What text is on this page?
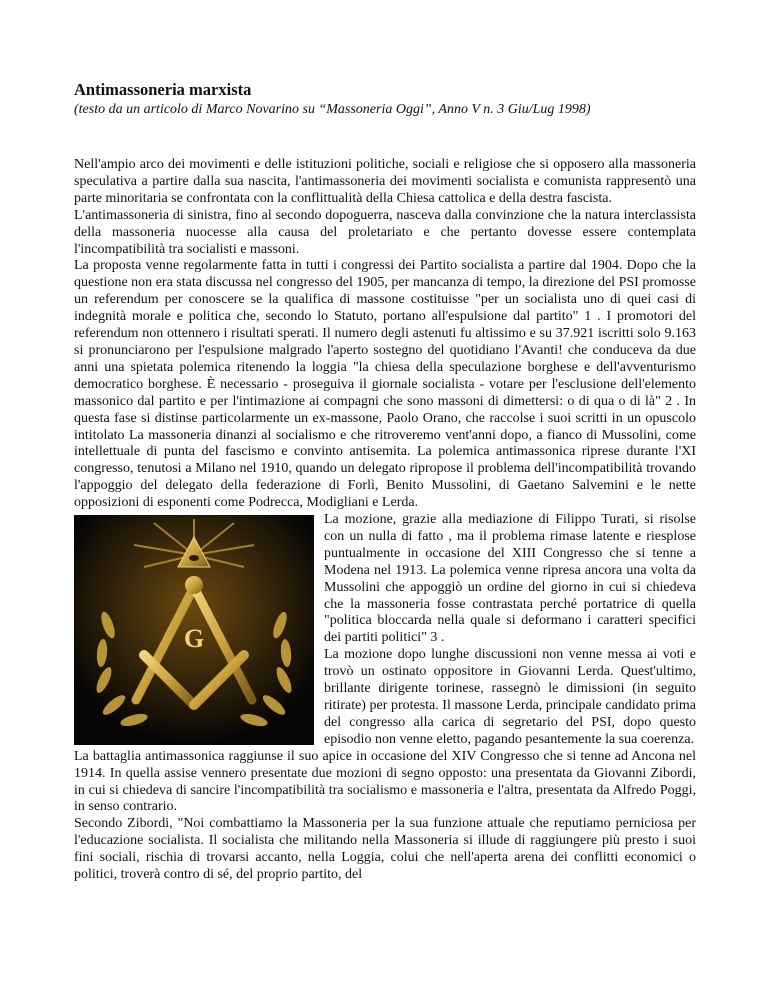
Antimassoneria marxista

(testo da un articolo di Marco Novarino su “Massoneria Oggi”, Anno V n. 3 Giu/Lug 1998)

Nell'ampio arco dei movimenti e delle istituzioni politiche, sociali e religiose che si opposero alla massoneria speculativa a partire dalla sua nascita, l'antimassoneria dei movimenti socialista e comunista rappresentò una parte minoritaria se confrontata con la conflittualità della Chiesa cattolica e della destra fascista.

L'antimassoneria di sinistra, fino al secondo dopoguerra, nasceva dalla convinzione che la natura interclassista della massoneria nuocesse alla causa del proletariato e che pertanto dovesse essere contemplata l'incompatibilità tra socialisti e massoni.

La proposta venne regolarmente fatta in tutti i congressi dei Partito socialista a partire dal 1904. Dopo che la questione non era stata discussa nel congresso del 1905, per mancanza di tempo, la direzione del PSI promosse un referendum per conoscere se la qualifica di massone costituisse "per un socialista uno di quei casi di indegnità morale e politica che, secondo lo Statuto, portano all'espulsione dal partito" 1 . I promotori del referendum non ottennero i risultati sperati. Il numero degli astenuti fu altissimo e su 37.921 iscritti solo 9.163 si pronunciarono per l'espulsione malgrado l'aperto sostegno del quotidiano l'Avanti! che conduceva da due anni una spietata polemica ritenendo la loggia "la chiesa della speculazione borghese e dell'avventurismo democratico borghese. È necessario - proseguiva il giornale socialista - votare per l'esclusione dell'elemento massonico dal partito e per l'intimazione ai compagni che sono massoni di dimettersi: o di qua o di là" 2 . In questa fase si distinse particolarmente un ex-massone, Paolo Orano, che raccolse i suoi scritti in un opuscolo intitolato La massoneria dinanzi al socialismo e che ritroveremo vent'anni dopo, a fianco di Mussolini, come intellettuale di punta del fascismo e convinto antisemita. La polemica antimassonica riprese durante l'XI congresso, tenutosi a Milano nel 1910, quando un delegato ripropose il problema dell'incompatibilità trovando l'appoggio del delegato della federazione di Forlì, Benito Mussolini, di Gaetano Salvemini e le nette opposizioni di esponenti come Podrecca, Modigliani e Lerda.

G

La mozione, grazie alla mediazione di Filippo Turati, si risolse con un nulla di fatto , ma il problema rimase latente e riesplose puntualmente in occasione del XIII Congresso che si tenne a Modena nel 1913. La polemica venne ripresa ancora una volta da Mussolini che appoggiò un ordine del giorno in cui si chiedeva che la massoneria fosse contrastata perché portatrice di quella "politica bloccarda nella quale si deformano i caratteri specifici dei partiti politici" 3 .

La mozione dopo lunghe discussioni non venne messa ai voti e trovò un ostinato oppositore in Giovanni Lerda. Quest'ultimo, brillante dirigente torinese, rassegnò le dimissioni (in seguito ritirate) per protesta. Il massone Lerda, principale candidato prima del congresso alla carica di segretario del PSI, dopo questo episodio non venne eletto, pagando pesantemente la sua coerenza.

La battaglia antimassonica raggiunse il suo apice in occasione del XIV Congresso che si tenne ad Ancona nel 1914. In quella assise vennero presentate due mozioni di segno opposto: una presentata da Giovanni Zibordi, in cui si chiedeva di sancire l'incompatibilità tra socialismo e massoneria e l'altra, presentata da Alfredo Poggi, in senso contrario.

Secondo Zibordi, "Noi combattiamo la Massoneria per la sua funzione attuale che reputiamo perniciosa per l'educazione socialista. Il socialista che militando nella Massoneria si illude di raggiungere più presto i suoi fini sociali, rischia di trovarsi accanto, nella Loggia, colui che nell'aperta arena dei conflitti economici o politici, troverà contro di sé, del proprio partito, del
